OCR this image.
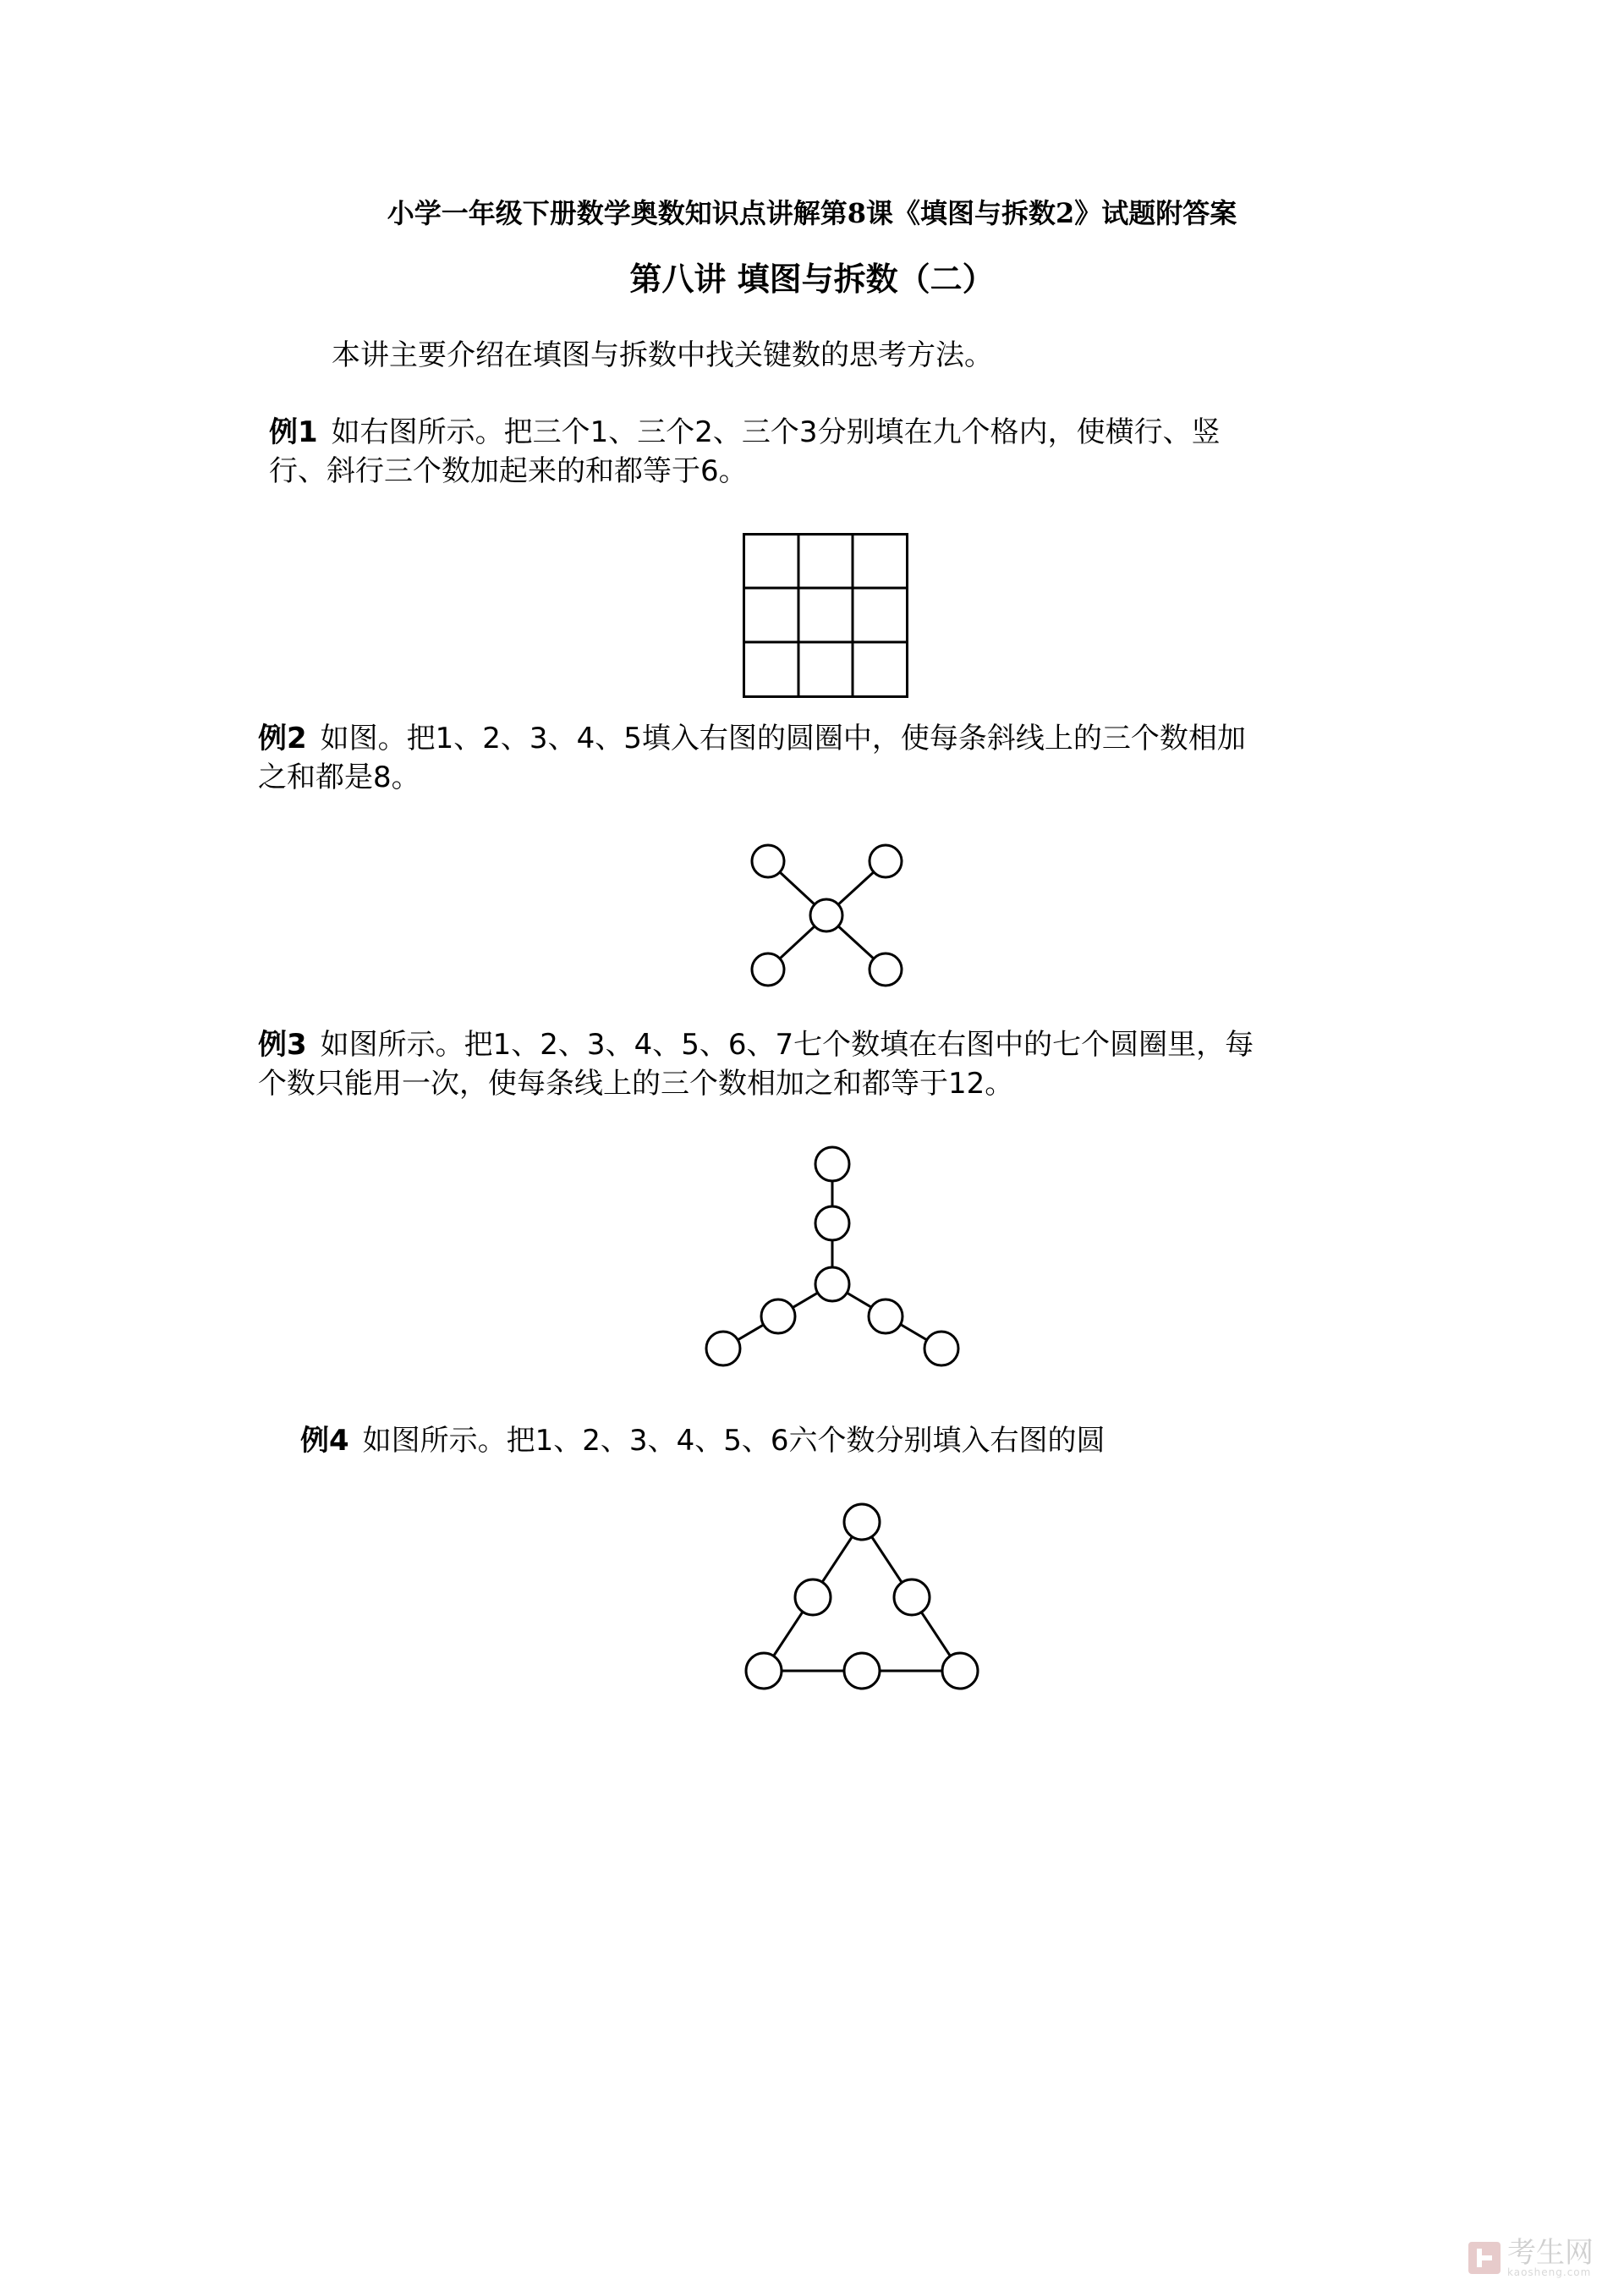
小学一年级下册数学奥数知识点讲解第8课《填图与拆数2》试题附答案
第八讲 填图与拆数（二）
本讲主要介绍在填图与拆数中找关键数的思考方法。
例1 如右图所示。把三个1、三个2、三个3分别填在九个格内，使横行、竖
行、斜行三个数加起来的和都等于6。
例2 如图。把1、2、3、4、5填入右图的圆圈中，使每条斜线上的三个数相加
之和都是8。
例3 如图所示。把1、2、3、4、5、6、7七个数填在右图中的七个圆圈里，每
个数只能用一次，使每条线上的三个数相加之和都等于12。
例4 如图所示。把1、2、3、4、5、6六个数分别填入右图的圆
考生网
kaosheng.com
